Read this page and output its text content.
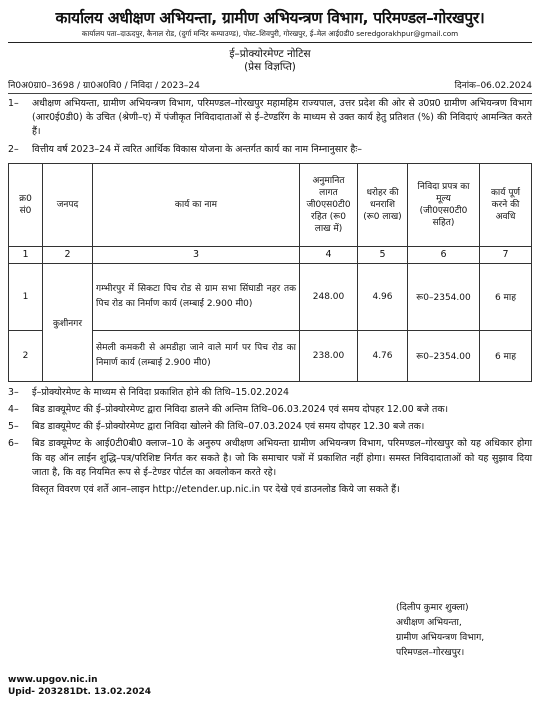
कार्यालय अधीक्षण अभियन्ता, ग्रामीण अभियन्त्रण विभाग, परिमण्डल–गोरखपुर।
कार्यालय पता–दाऊदपुर, कैनाल रोड, (दुर्गा मन्दिर कम्पाउण्ड), पोस्ट–शिवपुरी, गोरखपुर, ई–मेल आई0डी0 seredgorakhpur@gmail.com
ई–प्रोक्योरमेण्ट नोटिस
(प्रेस विज्ञप्ति)
नि0अ0ग्रा0–3698 / ग्रा0अ0वि0 / निविदा / 2023–24	दिनांक–06.02.2024
1–	अधीक्षण अभियन्ता, ग्रामीण अभियन्त्रण विभाग, परिमण्डल–गोरखपुर महामहिम राज्यपाल, उत्तर प्रदेश की ओर से उ0प्र0 ग्रामीण अभियन्त्रण विभाग (आर0ई0डी0) के उचित (श्रेणी–ए) में पंजीकृत निविदादाताओं से ई–टेण्डरिंग के माध्यम से उक्त कार्य हेतु प्रतिशत (%) की निविदाएं आमन्त्रित करते हैं।
2–	वित्तीय वर्ष 2023–24 में त्वरित आर्थिक विकास योजना के अन्तर्गत कार्य का नाम निम्नानुसार हैः–
क्र0 सं0	जनपद	कार्य का नाम	अनुमानित लागत जी0एस0टी0 रहित (रू0 लाख में)	धरोहर की धनराशि (रू0 लाख)	निविदा प्रपत्र का मूल्य (जी0एस0टी0 सहित)	कार्य पूर्ण करने की अवधि
1	2	3	4	5	6	7
1	कुशीनगर	गम्भीरपुर में सिकटा पिच रोड से ग्राम सभा सिंघाडी नहर तक पिच रोड का निर्माण कार्य (लम्बाई 2.900 मी0)	248.00	4.96	रू0–2354.00	6 माह
2		सेमली कमकरी से अमडीहा जाने वाले मार्ग पर पिच रोड का निमार्ण कार्य (लम्बाई 2.900 मी0)	238.00	4.76	रू0–2354.00	6 माह
3–	ई–प्रोक्योरमेण्ट के माध्यम से निविदा प्रकाशित होने की तिथि–15.02.2024
4–	बिड डाक्यूमेण्ट की ई–प्रोक्योरमेण्ट द्वारा निविदा डालने की अन्तिम तिथि–06.03.2024 एवं समय दोपहर 12.00 बजे तक।
5–	बिड डाक्यूमेण्ट की ई–प्रोक्योरमेण्ट द्वारा निविदा खोलने की तिथि–07.03.2024 एवं समय दोपहर 12.30 बजे तक।
6–	बिड डाक्यूमेण्ट के आई0टी0बी0 क्लाज–10 के अनुरुप अधीक्षण अभियन्ता ग्रामीण अभियन्त्रण विभाग, परिमण्डल–गोरखपुर को यह अधिकार होगा कि वह ऑन लाईन शुद्धि–पत्र/परिशिष्ट निर्गत कर सकते है। जो कि समाचार पत्रों में प्रकाशित नहीं होगा। समस्त निविदादाताओं को यह सुझाव दिया जाता है, कि वह नियमित रूप से ई–टेण्डर पोर्टल का अवलोकन करते रहे।
विस्तृत विवरण एवं शर्ते आन–लाइन http://etender.up.nic.in पर देखे एवं डाउनलोड किये जा सकते हैं।
(दिलीप कुमार शुक्ला)
अधीक्षण अभियन्ता,
ग्रामीण अभियन्त्रण विभाग,
परिमण्डल–गोरखपुर।
www.upgov.nic.in
Upid- 203281Dt. 13.02.2024
